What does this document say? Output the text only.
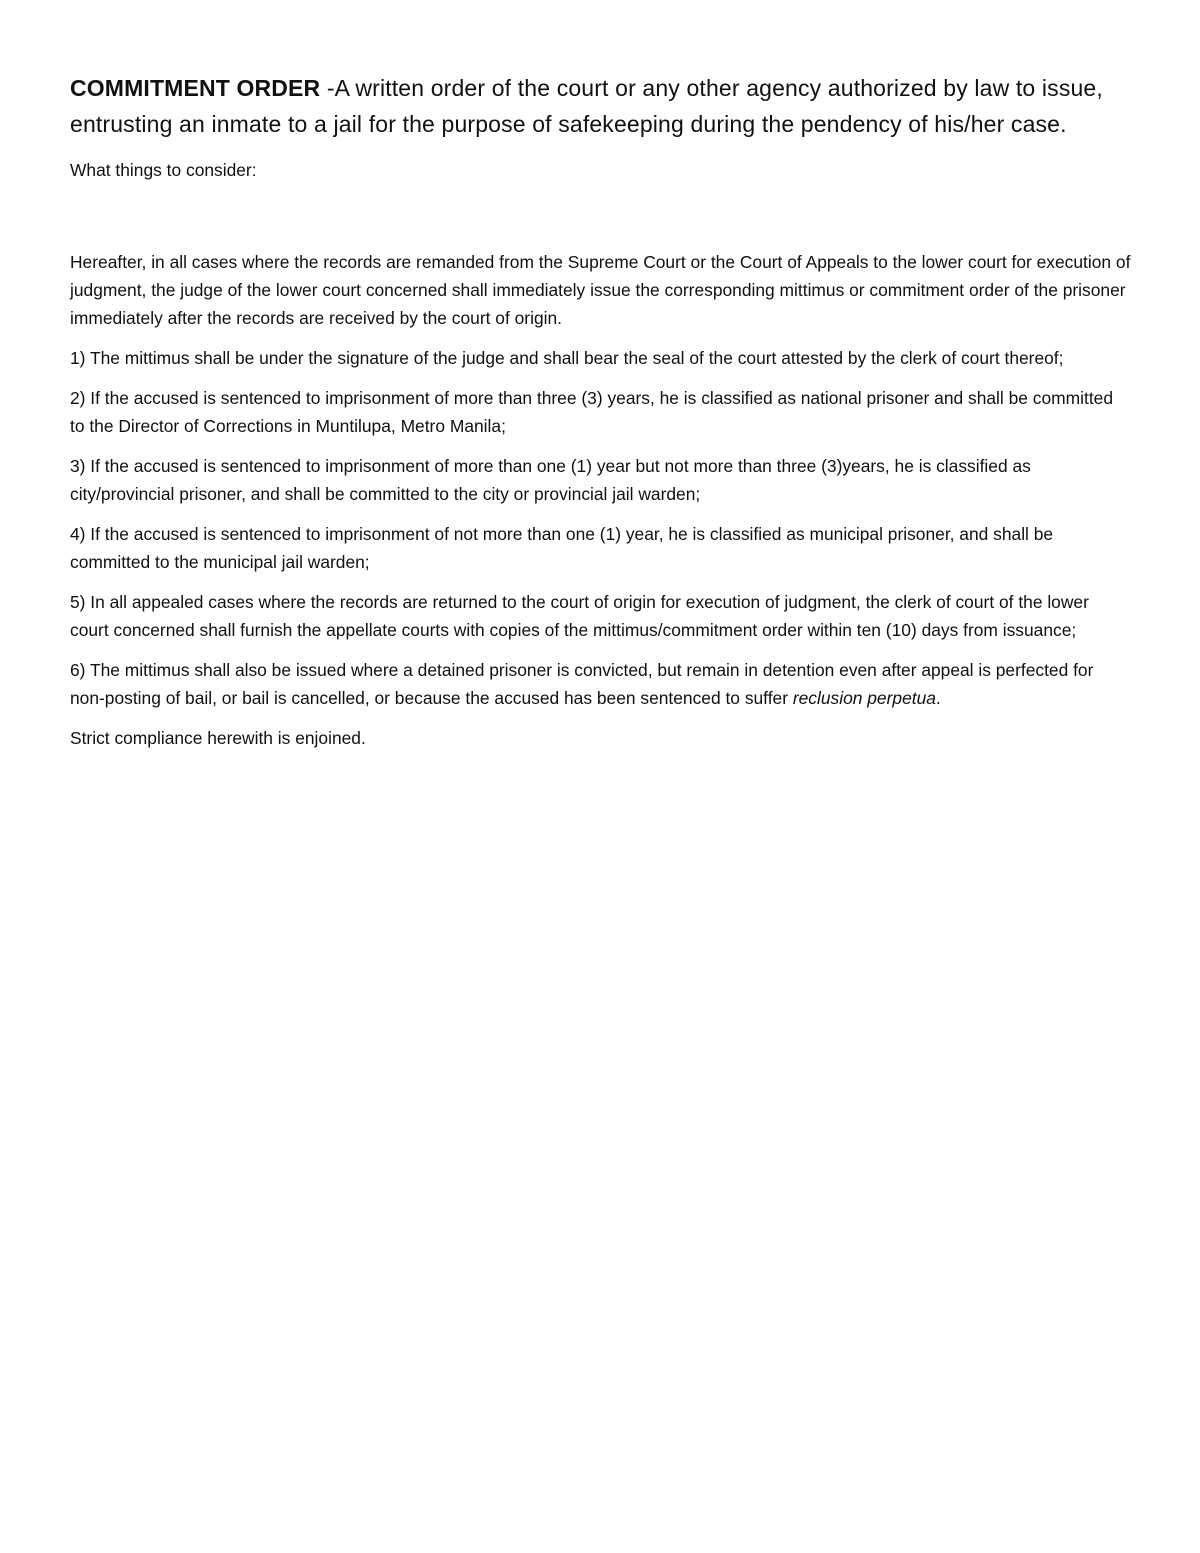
COMMITMENT ORDER -A written order of the court or any other agency authorized by law to issue, entrusting an inmate to a jail for the purpose of safekeeping during the pendency of his/her case.

What things to consider:

Hereafter, in all cases where the records are remanded from the Supreme Court or the Court of Appeals to the lower court for execution of judgment, the judge of the lower court concerned shall immediately issue the corresponding mittimus or commitment order of the prisoner immediately after the records are received by the court of origin.

1) The mittimus shall be under the signature of the judge and shall bear the seal of the court attested by the clerk of court thereof;

2) If the accused is sentenced to imprisonment of more than three (3) years, he is classified as national prisoner and shall be committed to the Director of Corrections in Muntilupa, Metro Manila;

3) If the accused is sentenced to imprisonment of more than one (1) year but not more than three (3)years, he is classified as city/provincial prisoner, and shall be committed to the city or provincial jail warden;

4) If the accused is sentenced to imprisonment of not more than one (1) year, he is classified as municipal prisoner, and shall be committed to the municipal jail warden;

5) In all appealed cases where the records are returned to the court of origin for execution of judgment, the clerk of court of the lower court concerned shall furnish the appellate courts with copies of the mittimus/commitment order within ten (10) days from issuance;

6) The mittimus shall also be issued where a detained prisoner is convicted, but remain in detention even after appeal is perfected for non-posting of bail, or bail is cancelled, or because the accused has been sentenced to suffer reclusion perpetua.

Strict compliance herewith is enjoined.
